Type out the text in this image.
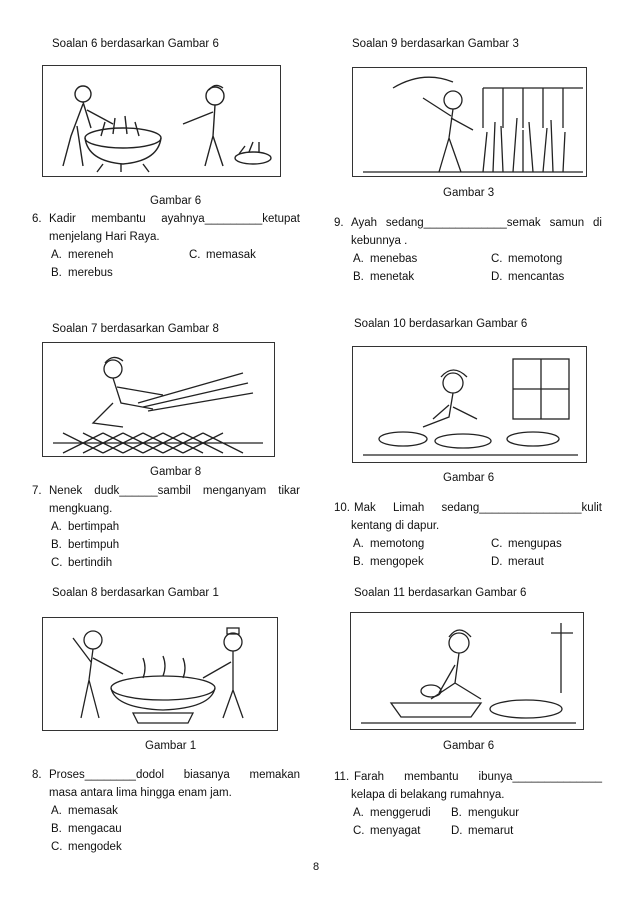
Soalan 6 berdasarkan Gambar 6
Gambar 6
6. Kadir membantu ayahnya_________ketupat
menjelang Hari Raya.
A. mereneh	C. memasak
B. merebus
Soalan 7 berdasarkan Gambar 8
Gambar 8
7. Nenek dudk______sambil menganyam tikar
mengkuang.
A. bertimpah
B. bertimpuh
C. bertindih
Soalan 8 berdasarkan Gambar 1
Gambar 1
8. Proses________dodol biasanya memakan
masa antara lima hingga enam jam.
A. memasak
B. mengacau
C. mengodek
Soalan 9 berdasarkan Gambar 3
Gambar 3
9. Ayah sedang_____________semak samun di
kebunnya .
A. menebas	C. memotong
B. menetak	D. mencantas
Soalan 10 berdasarkan Gambar 6
Gambar 6
10. Mak Limah sedang________________kulit
kentang di dapur.
A. memotong	C. mengupas
B. mengopek	D. meraut
Soalan 11 berdasarkan Gambar 6
Gambar 6
11. Farah membantu ibunya______________
kelapa di belakang rumahnya.
A. menggerudi B. mengukur
C. menyagat	D. memarut
8
